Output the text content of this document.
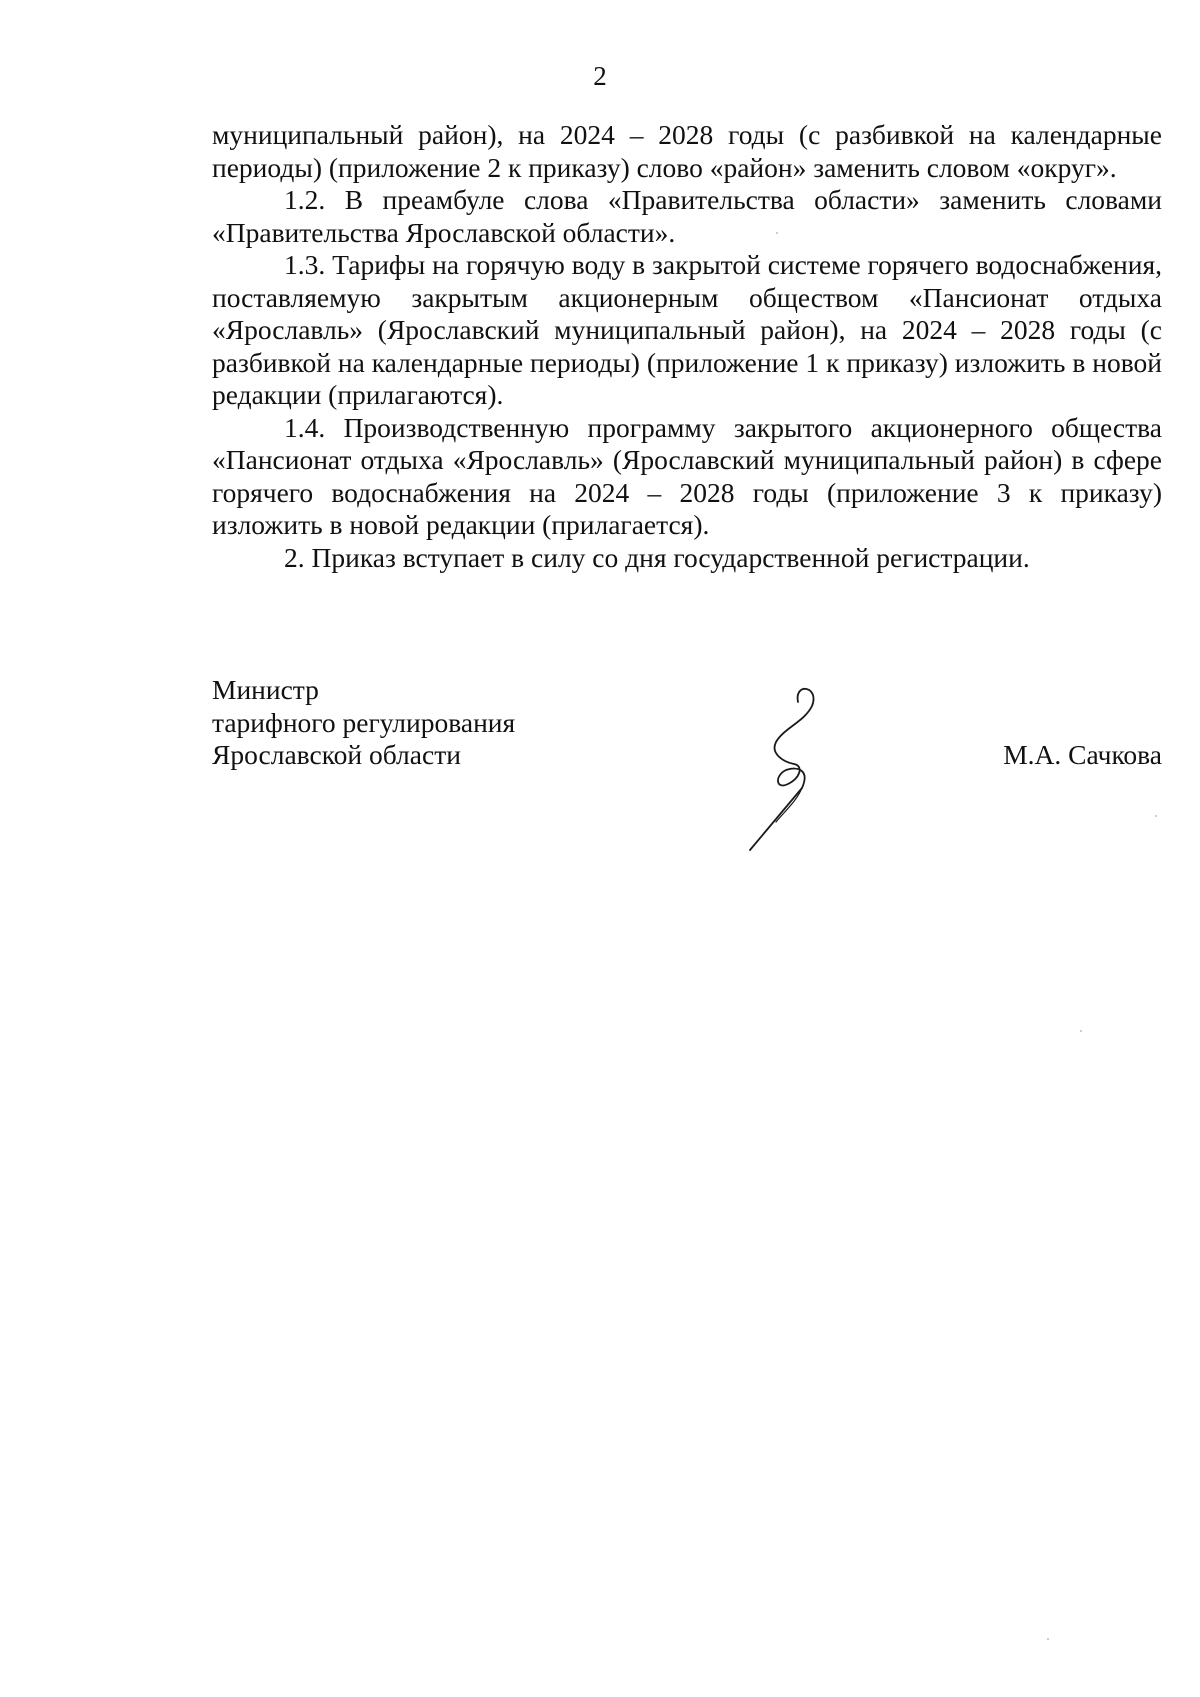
2

муниципальный район), на 2024 – 2028 годы (с разбивкой на календарные периоды) (приложение 2 к приказу) слово «район» заменить словом «округ».

1.2. В преамбуле слова «Правительства области» заменить словами «Правительства Ярославской области».

1.3. Тарифы на горячую воду в закрытой системе горячего водоснабжения, поставляемую закрытым акционерным обществом «Пансионат отдыха «Ярославль» (Ярославский муниципальный район), на 2024 – 2028 годы (с разбивкой на календарные периоды) (приложение 1 к приказу) изложить в новой редакции (прилагаются).

1.4. Производственную программу закрытого акционерного общества «Пансионат отдыха «Ярославль» (Ярославский муниципальный район) в сфере горячего водоснабжения на 2024 – 2028 годы (приложение 3 к приказу) изложить в новой редакции (прилагается).

2. Приказ вступает в силу со дня государственной регистрации.

Министр
тарифного регулирования
Ярославской области	М.А. Сачкова
